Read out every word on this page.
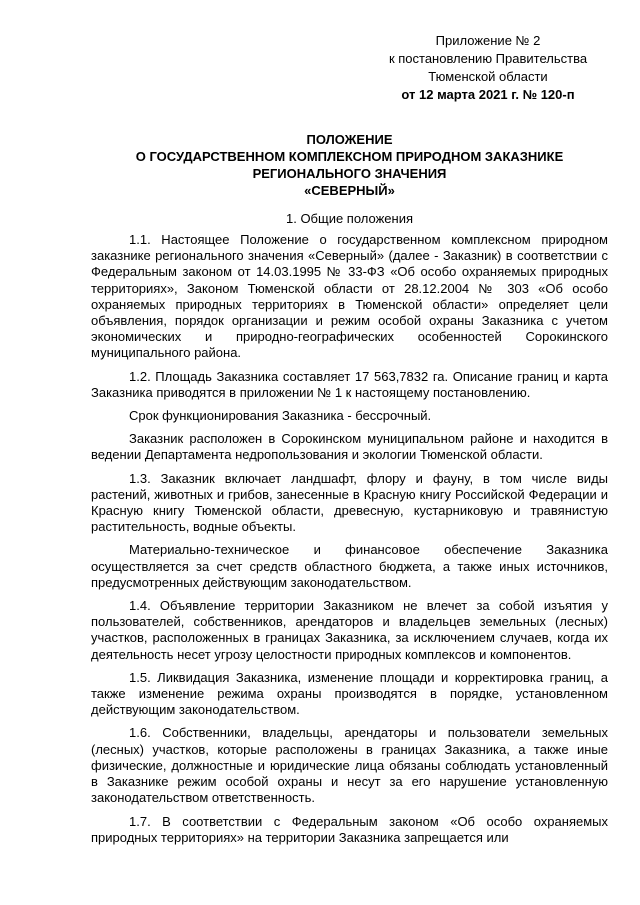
Приложение № 2
к постановлению Правительства
Тюменской области
от 12 марта 2021 г. № 120-п
ПОЛОЖЕНИЕ
О ГОСУДАРСТВЕННОМ КОМПЛЕКСНОМ ПРИРОДНОМ ЗАКАЗНИКЕ
РЕГИОНАЛЬНОГО ЗНАЧЕНИЯ
«СЕВЕРНЫЙ»
1. Общие положения

1.1. Настоящее Положение о государственном комплексном природном заказнике регионального значения «Северный» (далее - Заказник) в соответствии с Федеральным законом от 14.03.1995 № 33-ФЗ «Об особо охраняемых природных территориях», Законом Тюменской области от 28.12.2004 № 303 «Об особо охраняемых природных территориях в Тюменской области» определяет цели объявления, порядок организации и режим особой охраны Заказника с учетом экономических и природно-географических особенностей Сорокинского муниципального района.

1.2. Площадь Заказника составляет 17 563,7832 га. Описание границ и карта Заказника приводятся в приложении № 1 к настоящему постановлению.

Срок функционирования Заказника - бессрочный.

Заказник расположен в Сорокинском муниципальном районе и находится в ведении Департамента недропользования и экологии Тюменской области.

1.3. Заказник включает ландшафт, флору и фауну, в том числе виды растений, животных и грибов, занесенные в Красную книгу Российской Федерации и Красную книгу Тюменской области, древесную, кустарниковую и травянистую растительность, водные объекты.

Материально-техническое и финансовое обеспечение Заказника осуществляется за счет средств областного бюджета, а также иных источников, предусмотренных действующим законодательством.

1.4. Объявление территории Заказником не влечет за собой изъятия у пользователей, собственников, арендаторов и владельцев земельных (лесных) участков, расположенных в границах Заказника, за исключением случаев, когда их деятельность несет угрозу целостности природных комплексов и компонентов.

1.5. Ликвидация Заказника, изменение площади и корректировка границ, а также изменение режима охраны производятся в порядке, установленном действующим законодательством.

1.6. Собственники, владельцы, арендаторы и пользователи земельных (лесных) участков, которые расположены в границах Заказника, а также иные физические, должностные и юридические лица обязаны соблюдать установленный в Заказнике режим особой охраны и несут за его нарушение установленную законодательством ответственность.

1.7. В соответствии с Федеральным законом «Об особо охраняемых природных территориях» на территории Заказника запрещается или
